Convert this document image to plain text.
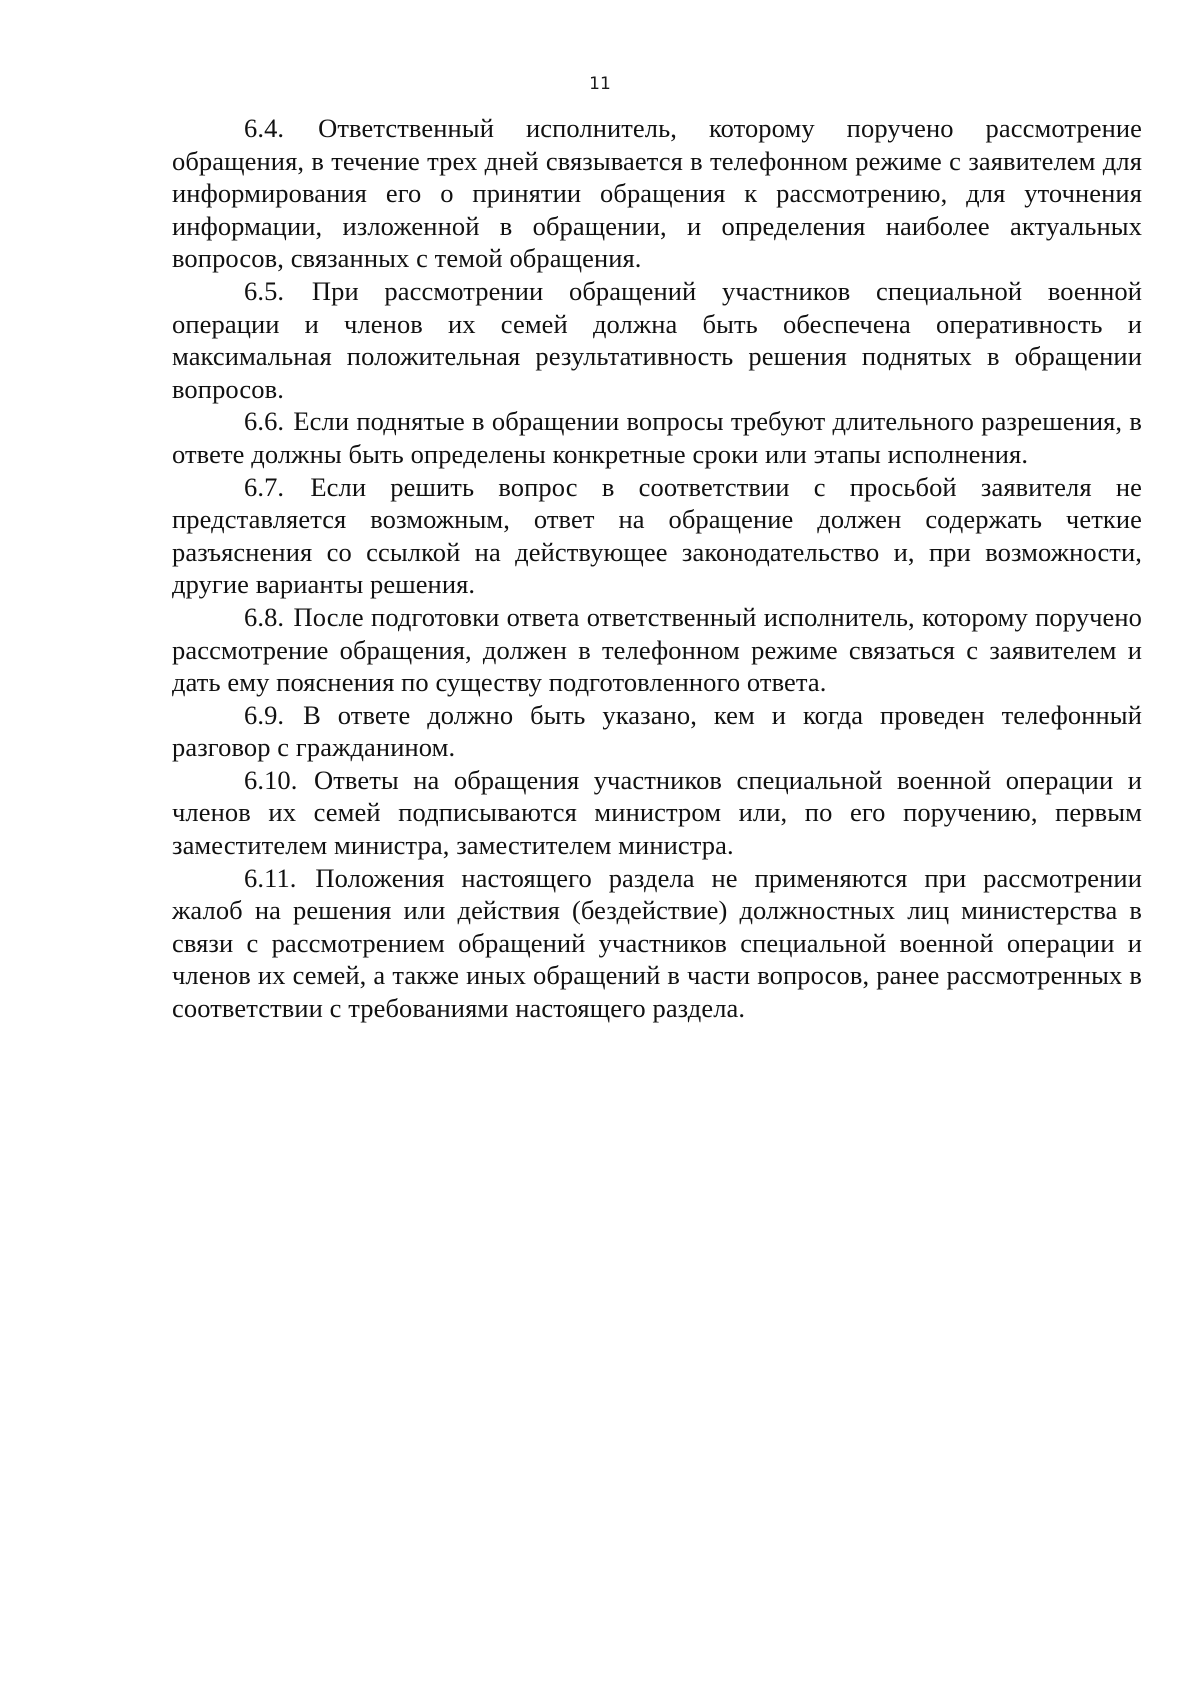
11

6.4. Ответственный исполнитель, которому поручено рассмотрение обращения, в течение трех дней связывается в телефонном режиме с заявителем для информирования его о принятии обращения к рассмотрению, для уточнения информации, изложенной в обращении, и определения наиболее актуальных вопросов, связанных с темой обращения.

6.5. При рассмотрении обращений участников специальной военной операции и членов их семей должна быть обеспечена оперативность и максимальная положительная результативность решения поднятых в обращении вопросов.

6.6. Если поднятые в обращении вопросы требуют длительного разрешения, в ответе должны быть определены конкретные сроки или этапы исполнения.

6.7. Если решить вопрос в соответствии с просьбой заявителя не представляется возможным, ответ на обращение должен содержать четкие разъяснения со ссылкой на действующее законодательство и, при возможности, другие варианты решения.

6.8. После подготовки ответа ответственный исполнитель, которому поручено рассмотрение обращения, должен в телефонном режиме связаться с заявителем и дать ему пояснения по существу подготовленного ответа.

6.9. В ответе должно быть указано, кем и когда проведен телефонный разговор с гражданином.

6.10. Ответы на обращения участников специальной военной операции и членов их семей подписываются министром или, по его поручению, первым заместителем министра, заместителем министра.

6.11. Положения настоящего раздела не применяются при рассмотрении жалоб на решения или действия (бездействие) должностных лиц министерства в связи с рассмотрением обращений участников специальной военной операции и членов их семей, а также иных обращений в части вопросов, ранее рассмотренных в соответствии с требованиями настоящего раздела.
